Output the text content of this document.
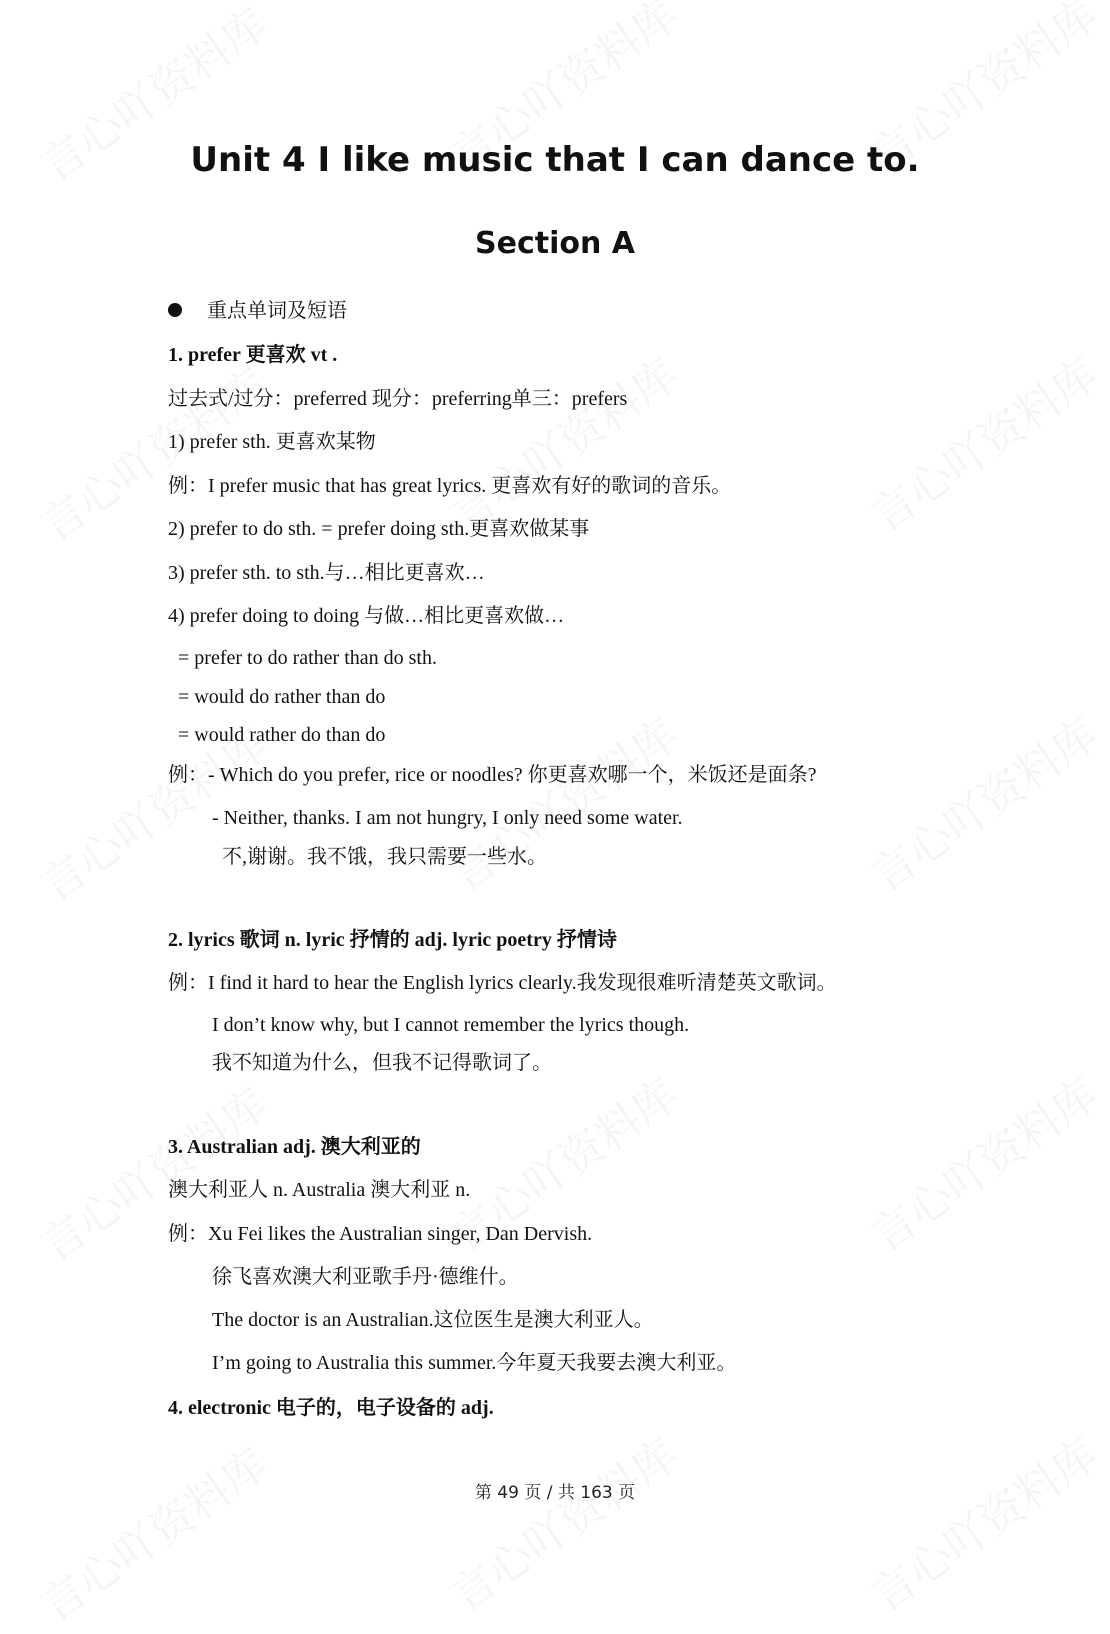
Unit 4 I like music that I can dance to.
Section A
重点单词及短语
1. prefer 更喜欢 vt .
过去式/过分：preferred 现分：preferring单三：prefers
1) prefer sth. 更喜欢某物
例：I prefer music that has great lyrics. 更喜欢有好的歌词的音乐。
2) prefer to do sth. = prefer doing sth.更喜欢做某事
3) prefer sth. to sth.与…相比更喜欢…
4) prefer doing to doing 与做…相比更喜欢做…
= prefer to do rather than do sth.
= would do rather than do
= would rather do than do
例：- Which do you prefer, rice or noodles? 你更喜欢哪一个，米饭还是面条?
- Neither, thanks. I am not hungry, I only need some water.
不,谢谢。我不饿，我只需要一些水。
2. lyrics 歌词 n. lyric 抒情的 adj. lyric poetry 抒情诗
例：I find it hard to hear the English lyrics clearly.我发现很难听清楚英文歌词。
I don’t know why, but I cannot remember the lyrics though.
我不知道为什么，但我不记得歌词了。
3. Australian adj. 澳大利亚的
澳大利亚人 n. Australia 澳大利亚 n.
例：Xu Fei likes the Australian singer, Dan Dervish.
徐飞喜欢澳大利亚歌手丹·德维什。
The doctor is an Australian.这位医生是澳大利亚人。
I’m going to Australia this summer.今年夏天我要去澳大利亚。
4. electronic 电子的，电子设备的 adj.
第 49 页 / 共 163 页
